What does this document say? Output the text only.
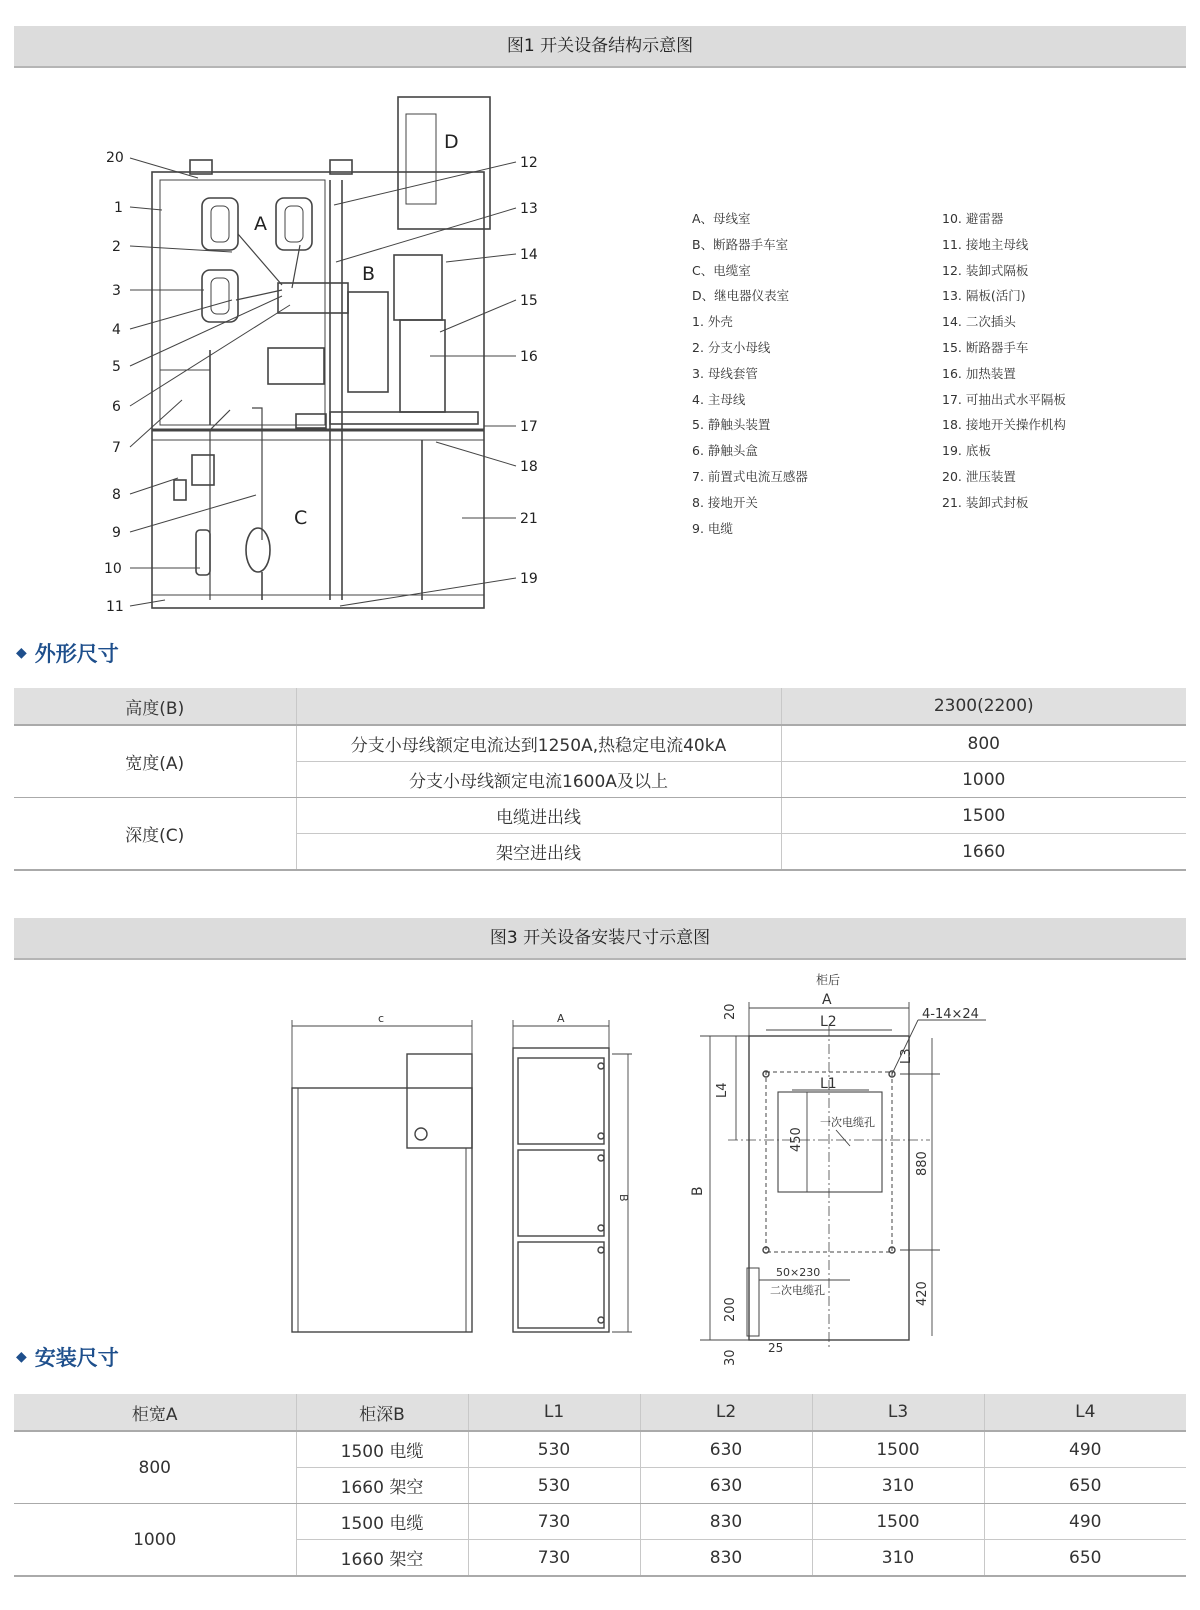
图1 开关设备结构示意图
A
B
C
D
20
1
2
3
4
5
6
7
8
9
10
11
12
13
14
15
16
17
18
21
19
A、母线室
B、断路器手车室
C、电缆室
D、继电器仪表室
1. 外壳
2. 分支小母线
3. 母线套管
4. 主母线
5. 静触头装置
6. 静触头盒
7. 前置式电流互感器
8. 接地开关
9. 电缆
10. 避雷器
11. 接地主母线
12. 装卸式隔板
13. 隔板(活门)
14. 二次插头
15. 断路器手车
16. 加热装置
17. 可抽出式水平隔板
18. 接地开关操作机构
19. 底板
20. 泄压装置
21. 装卸式封板
◆ 外形尺寸
高度(B)		2300(2200)
宽度(A)	分支小母线额定电流达到1250A,热稳定电流40kA	800
	分支小母线额定电流1600A及以上	1000
深度(C)	电缆进出线	1500
	架空进出线	1660
图3 开关设备安装尺寸示意图
c	A
B
柜后
A
L2
L1
4-14×24
L3
L4
B
450
一次电缆孔
880
420
200
20
30
25
50×230
二次电缆孔
◆ 安装尺寸
柜宽A	柜深B	L1	L2	L3	L4
800	1500 电缆	530	630	1500	490
	1660 架空	530	630	310	650
1000	1500 电缆	730	830	1500	490
	1660 架空	730	830	310	650
